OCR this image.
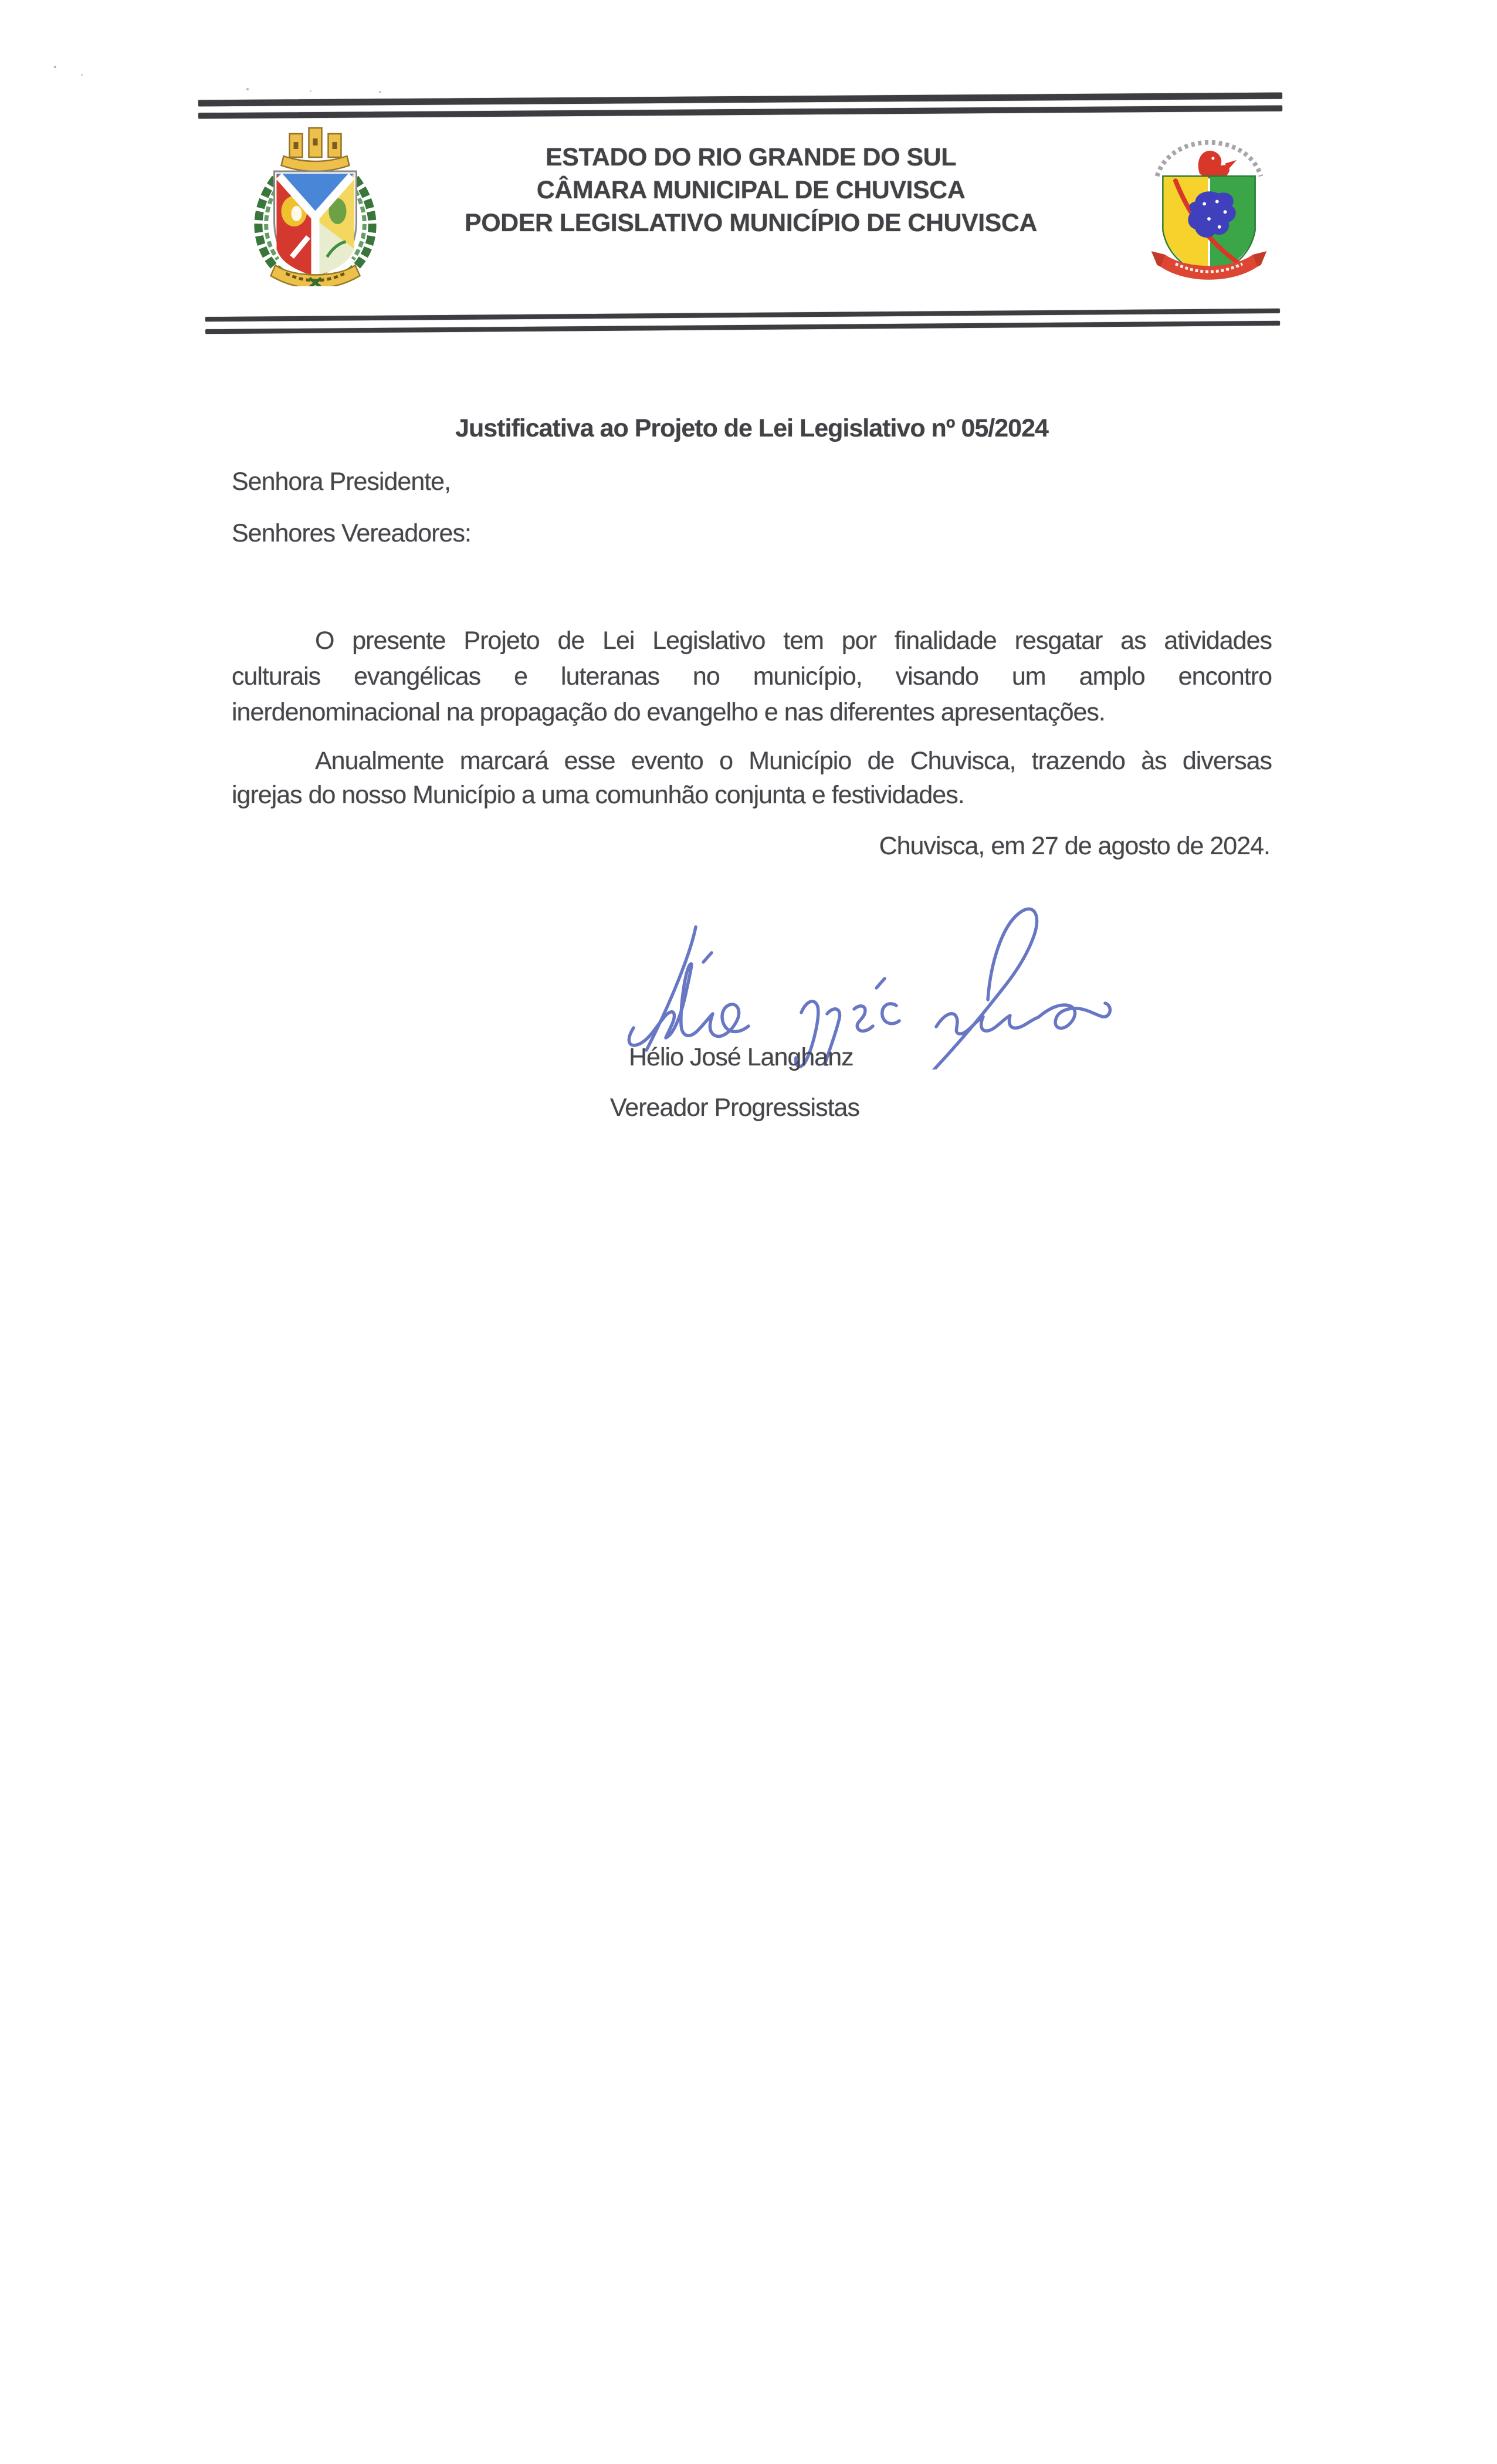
ESTADO DO RIO GRANDE DO SUL
CÂMARA MUNICIPAL DE CHUVISCA
PODER LEGISLATIVO MUNICÍPIO DE CHUVISCA
Justificativa ao Projeto de Lei Legislativo nº 05/2024
Senhora Presidente,
Senhores Vereadores:
O presente Projeto de Lei Legislativo tem por finalidade resgatar as atividades
culturais evangélicas e luteranas no município, visando um amplo encontro
inerdenominacional na propagação do evangelho e nas diferentes apresentações.
Anualmente marcará esse evento o Município de Chuvisca, trazendo às diversas
igrejas do nosso Município a uma comunhão conjunta e festividades.
Chuvisca, em 27 de agosto de 2024.
Hélio José Langhanz
Vereador Progressistas
